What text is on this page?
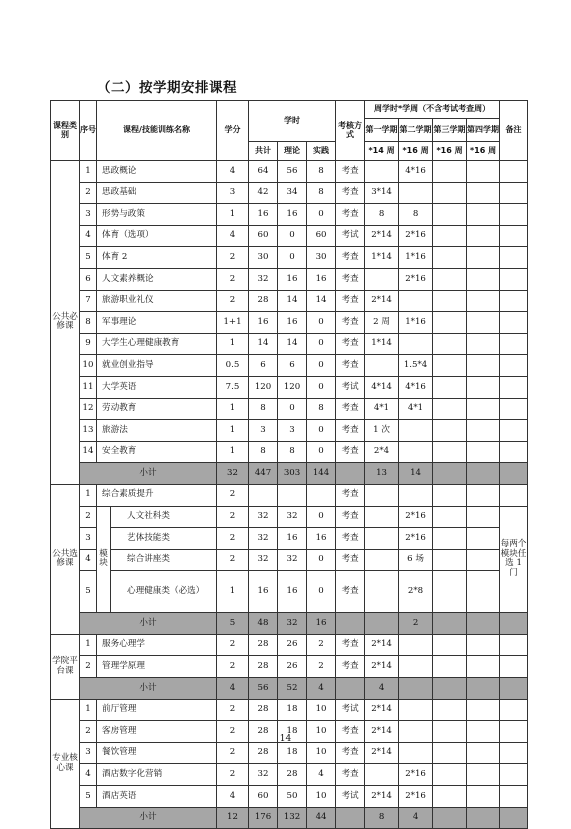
（二）按学期安排课程
课程类别	序号	课程/技能训练名称		学分	学时			考核方式	周学时*学周（不含考试考查周）				备注
									第一学期	第二学期	第三学期	第四学期	
					共计	理论	实践		*14 周	*16 周	*16 周	*16 周	
公共必修课	1	思政概论		4	64	56	8	考查		4*16			
	2	思政基础		3	42	34	8	考查	3*14				
	3	形势与政策		1	16	16	0	考查	8	8			
	4	体育（选项）		4	60	0	60	考试	2*14	2*16			
	5	体育 2		2	30	0	30	考查	1*14	1*16			
	6	人文素养概论		2	32	16	16	考查		2*16			
	7	旅游职业礼仪		2	28	14	14	考查	2*14				
	8	军事理论		1+1	16	16	0	考查	2 周	1*16			
	9	大学生心理健康教育		1	14	14	0	考查	1*14				
	10	就业创业指导		0.5	6	6	0	考查		1.5*4			
	11	大学英语		7.5	120	120	0	考试	4*14	4*16			
	12	劳动教育		1	8	0	8	考查	4*1	4*1			
	13	旅游法		1	3	3	0	考查	1 次				
	14	安全教育		1	8	8	0	考查	2*4				
	小计			32	447	303	144		13	14			
公共选修课	1	综合素质提升		2				考查					
	2	模块	人文社科类	2	32	32	0	考查		2*16			每两个模块任选 1 门
	3		艺体技能类	2	32	16	16	考查		2*16			
	4		综合讲座类	2	32	32	0	考查		6 场			
	5		心理健康类（必选）	1	16	16	0	考查		2*8			
	小计			5	48	32	16			2			
学院平台课	1	服务心理学		2	28	26	2	考查	2*14				
	2	管理学原理		2	28	26	2	考查	2*14				
	小计			4	56	52	4		4				
专业核心课	1	前厅管理		2	28	18	10	考试	2*14				
	2	客房管理		2	28	18	10	考查	2*14				
	3	餐饮管理		2	28	18	10	考查	2*14				
	4	酒店数字化营销		2	32	28	4	考查		2*16			
	5	酒店英语		4	60	50	10	考试	2*14	2*16			
	小计			12	176	132	44		8	4			
14
